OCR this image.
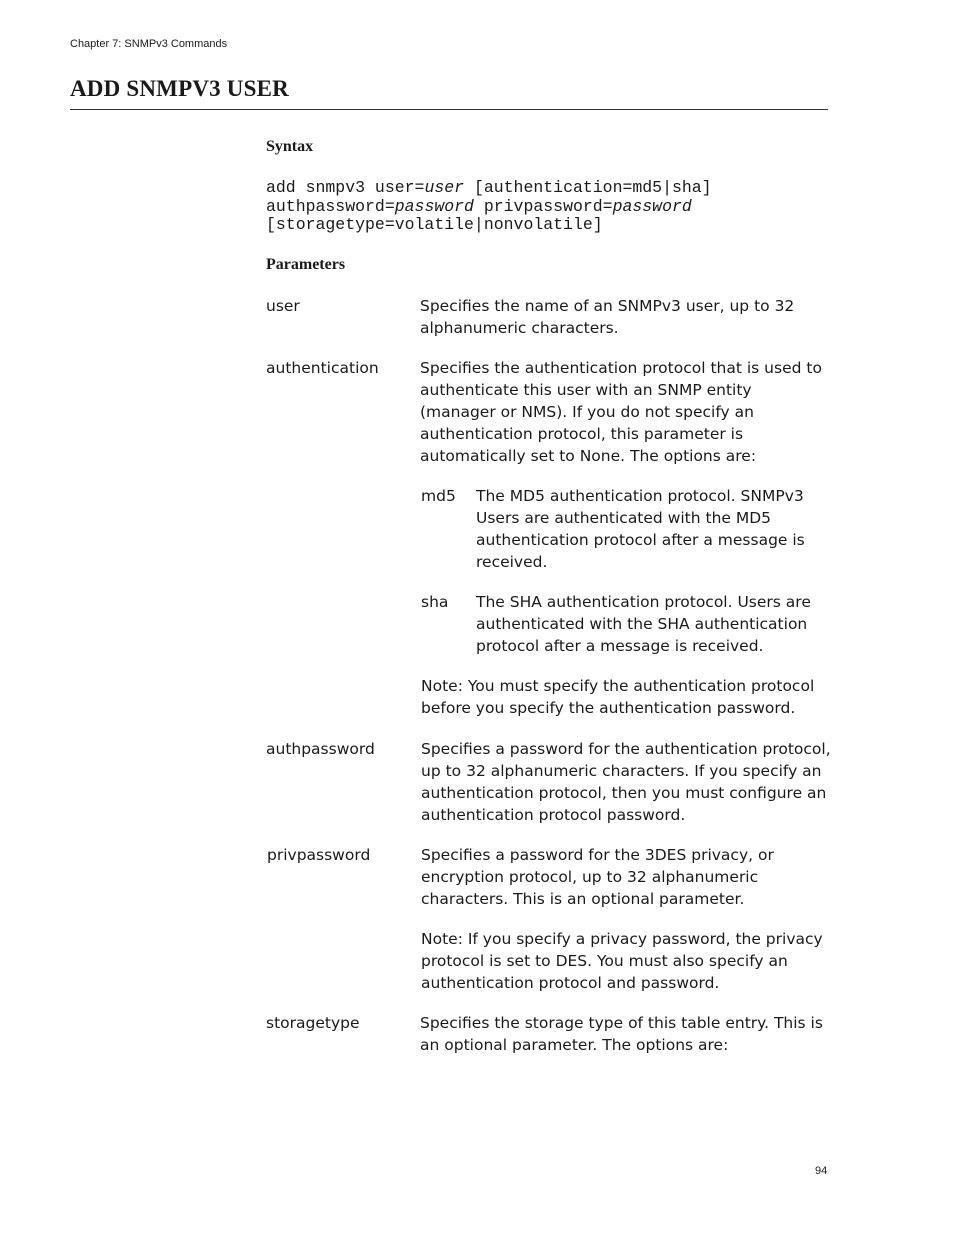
Chapter 7: SNMPv3 Commands
ADD SNMPV3 USER
Syntax
add snmpv3 user=user [authentication=md5|sha]
authpassword=password privpassword=password
[storagetype=volatile|nonvolatile]
Parameters
user	Specifies the name of an SNMPv3 user, up to 32 alphanumeric characters.
authentication	Specifies the authentication protocol that is used to authenticate this user with an SNMP entity (manager or NMS). If you do not specify an authentication protocol, this parameter is automatically set to None. The options are:
md5 The MD5 authentication protocol. SNMPv3 Users are authenticated with the MD5 authentication protocol after a message is received.
sha The SHA authentication protocol. Users are authenticated with the SHA authentication protocol after a message is received.
Note: You must specify the authentication protocol before you specify the authentication password.
authpassword	Specifies a password for the authentication protocol, up to 32 alphanumeric characters. If you specify an authentication protocol, then you must configure an authentication protocol password.
privpassword	Specifies a password for the 3DES privacy, or encryption protocol, up to 32 alphanumeric characters. This is an optional parameter.
Note: If you specify a privacy password, the privacy protocol is set to DES. You must also specify an authentication protocol and password.
storagetype	Specifies the storage type of this table entry. This is an optional parameter. The options are:
94
